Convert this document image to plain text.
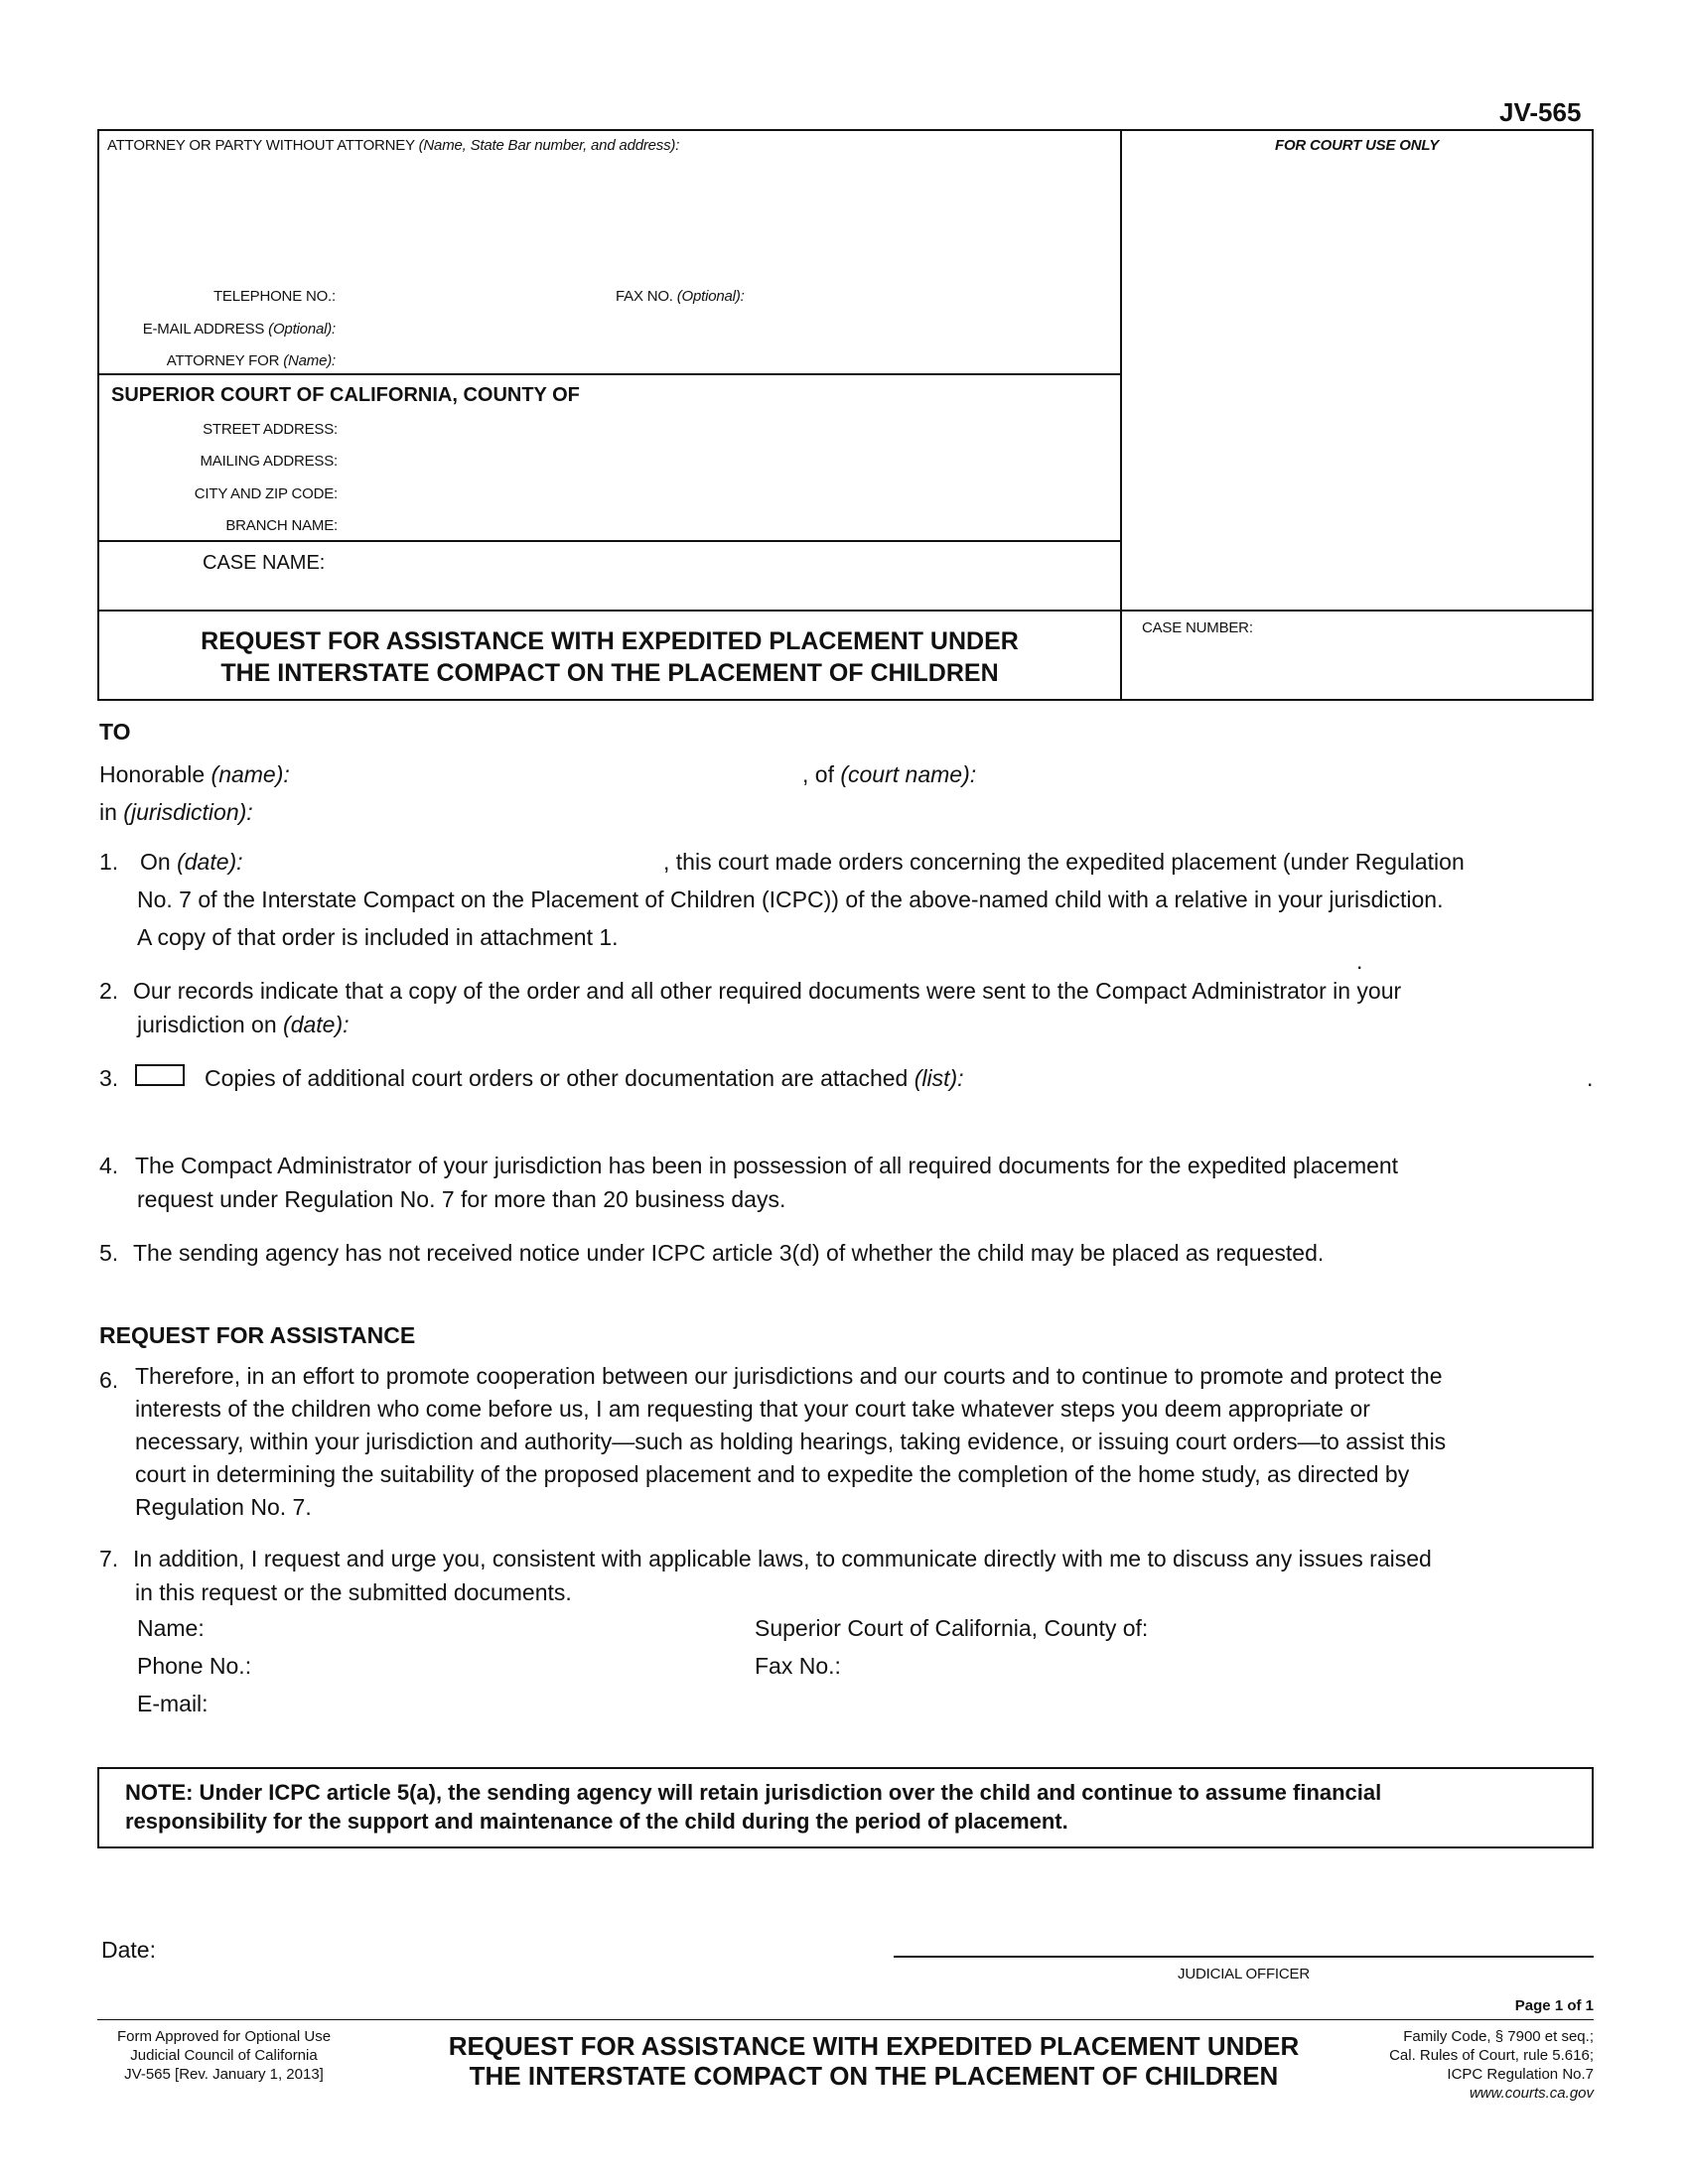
JV-565
ATTORNEY OR PARTY WITHOUT ATTORNEY (Name, State Bar number, and address):	FOR COURT USE ONLY
TELEPHONE NO.:	FAX NO. (Optional):
E-MAIL ADDRESS (Optional):
ATTORNEY FOR (Name):
SUPERIOR COURT OF CALIFORNIA, COUNTY OF
STREET ADDRESS:
MAILING ADDRESS:
CITY AND ZIP CODE:
BRANCH NAME:
CASE NAME:
REQUEST FOR ASSISTANCE WITH EXPEDITED PLACEMENT UNDER
THE INTERSTATE COMPACT ON THE PLACEMENT OF CHILDREN
CASE NUMBER:
TO
Honorable (name):	, of (court name):
in (jurisdiction):
1. On (date):	, this court made orders concerning the expedited placement (under Regulation
No. 7 of the Interstate Compact on the Placement of Children (ICPC)) of the above-named child with a relative in your jurisdiction.
A copy of that order is included in attachment 1.
.
2. Our records indicate that a copy of the order and all other required documents were sent to the Compact Administrator in your
jurisdiction on (date):
3.	Copies of additional court orders or other documentation are attached (list):	.
4. The Compact Administrator of your jurisdiction has been in possession of all required documents for the expedited placement
request under Regulation No. 7 for more than 20 business days.
5. The sending agency has not received notice under ICPC article 3(d) of whether the child may be placed as requested.
REQUEST FOR ASSISTANCE
6. Therefore, in an effort to promote cooperation between our jurisdictions and our courts and to continue to promote and protect the
interests of the children who come before us, I am requesting that your court take whatever steps you deem appropriate or
necessary, within your jurisdiction and authority—such as holding hearings, taking evidence, or issuing court orders—to assist this
court in determining the suitability of the proposed placement and to expedite the completion of the home study, as directed by
Regulation No. 7.
7. In addition, I request and urge you, consistent with applicable laws, to communicate directly with me to discuss any issues raised
in this request or the submitted documents.
Name:	Superior Court of California, County of:
Phone No.:	Fax No.:
E-mail:
NOTE: Under ICPC article 5(a), the sending agency will retain jurisdiction over the child and continue to assume financial
responsibility for the support and maintenance of the child during the period of placement.
Date:
JUDICIAL OFFICER
Page 1 of 1
Form Approved for Optional Use
Judicial Council of California
JV-565 [Rev. January 1, 2013]
REQUEST FOR ASSISTANCE WITH EXPEDITED PLACEMENT UNDER
THE INTERSTATE COMPACT ON THE PLACEMENT OF CHILDREN
Family Code, § 7900 et seq.;
Cal. Rules of Court, rule 5.616;
ICPC Regulation No.7
www.courts.ca.gov
